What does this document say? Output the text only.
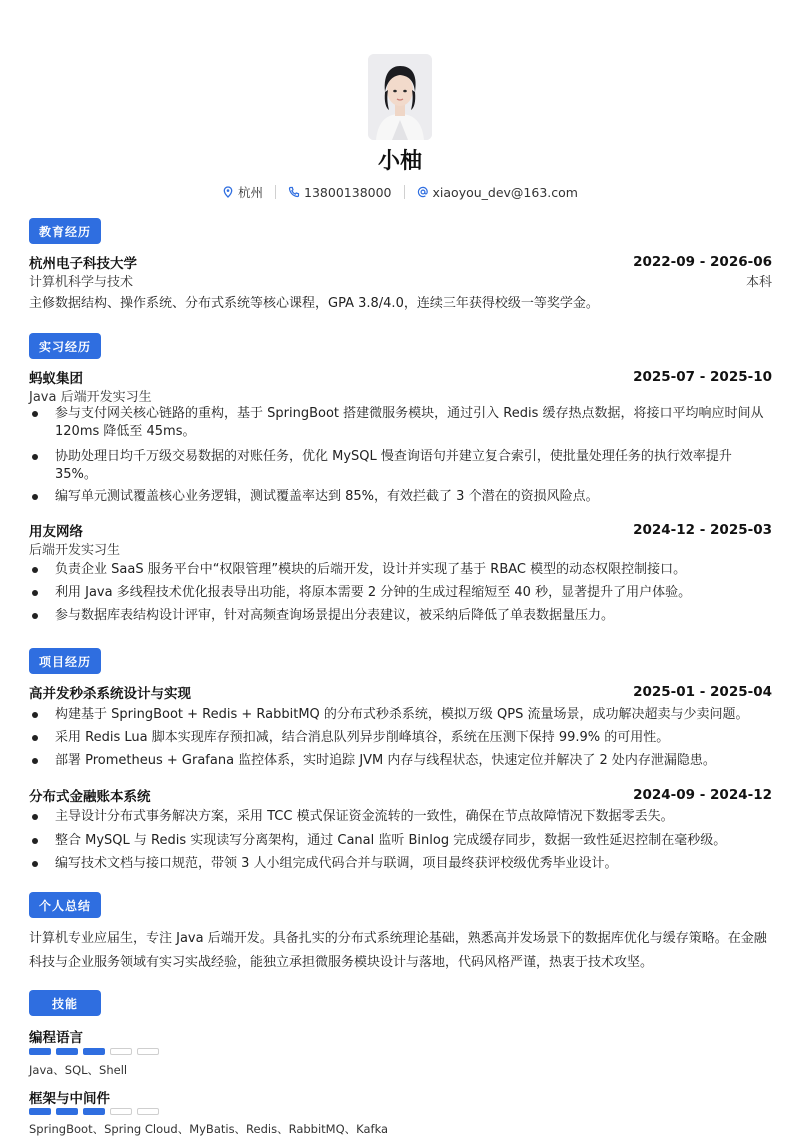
小柚
杭州	13800138000	xiaoyou_dev@163.com
教育经历
杭州电子科技大学	2022-09 - 2026-06
计算机科学与技术	本科
主修数据结构、操作系统、分布式系统等核心课程，GPA 3.8/4.0，连续三年获得校级一等奖学金。
实习经历
蚂蚁集团	2025-07 - 2025-10
Java 后端开发实习生
参与支付网关核心链路的重构，基于 SpringBoot 搭建微服务模块，通过引入 Redis 缓存热点数据，将接口平均响应时间从 120ms 降低至 45ms。
协助处理日均千万级交易数据的对账任务，优化 MySQL 慢查询语句并建立复合索引，使批量处理任务的执行效率提升 35%。
编写单元测试覆盖核心业务逻辑，测试覆盖率达到 85%，有效拦截了 3 个潜在的资损风险点。
用友网络	2024-12 - 2025-03
后端开发实习生
负责企业 SaaS 服务平台中“权限管理”模块的后端开发，设计并实现了基于 RBAC 模型的动态权限控制接口。
利用 Java 多线程技术优化报表导出功能，将原本需要 2 分钟的生成过程缩短至 40 秒，显著提升了用户体验。
参与数据库表结构设计评审，针对高频查询场景提出分表建议，被采纳后降低了单表数据量压力。
项目经历
高并发秒杀系统设计与实现	2025-01 - 2025-04
构建基于 SpringBoot + Redis + RabbitMQ 的分布式秒杀系统，模拟万级 QPS 流量场景，成功解决超卖与少卖问题。
采用 Redis Lua 脚本实现库存预扣减，结合消息队列异步削峰填谷，系统在压测下保持 99.9% 的可用性。
部署 Prometheus + Grafana 监控体系，实时追踪 JVM 内存与线程状态，快速定位并解决了 2 处内存泄漏隐患。
分布式金融账本系统	2024-09 - 2024-12
主导设计分布式事务解决方案，采用 TCC 模式保证资金流转的一致性，确保在节点故障情况下数据零丢失。
整合 MySQL 与 Redis 实现读写分离架构，通过 Canal 监听 Binlog 完成缓存同步，数据一致性延迟控制在毫秒级。
编写技术文档与接口规范，带领 3 人小组完成代码合并与联调，项目最终获评校级优秀毕业设计。
个人总结
计算机专业应届生，专注 Java 后端开发。具备扎实的分布式系统理论基础，熟悉高并发场景下的数据库优化与缓存策略。在金融科技与企业服务领域有实习实战经验，能独立承担微服务模块设计与落地，代码风格严谨，热衷于技术攻坚。
技能
编程语言
Java、SQL、Shell
框架与中间件
SpringBoot、Spring Cloud、MyBatis、Redis、RabbitMQ、Kafka
